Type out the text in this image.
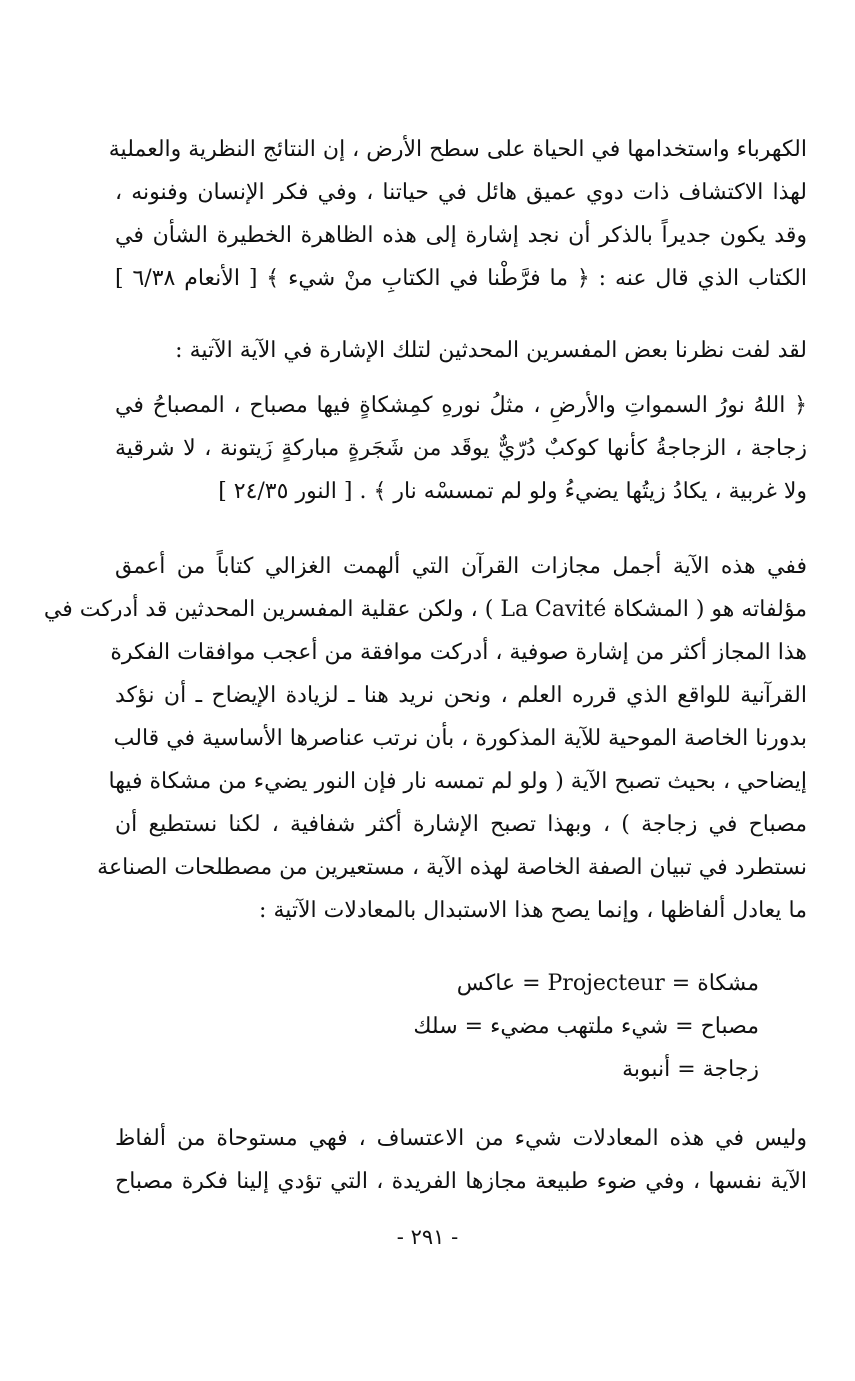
الكهرباء واستخدامها في الحياة على سطح الأرض ، إن النتائج النظرية والعملية
لهذا الاكتشاف ذات دوي عميق هائل في حياتنا ، وفي فكر الإنسان وفنونه ،
وقد يكون جديراً بالذكر أن نجد إشارة إلى هذه الظاهرة الخطيرة الشأن في
الكتاب الذي قال عنه : ﴿ ما فرَّطْنا في الكتابِ منْ شيء ﴾ [ الأنعام ٦/٣٨ ]
لقد لفت نظرنا بعض المفسرين المحدثين لتلك الإشارة في الآية الآتية :
﴿ اللهُ نورُ السمواتِ والأرضِ ، مثلُ نورهِ كمِشكاةٍ فيها مصباح ، المصباحُ في
زجاجة ، الزجاجةُ كأنها كوكبٌ دُرّيٌّ يوقَد من شَجَرةٍ مباركةٍ زَيتونة ، لا شرقية
ولا غربية ، يكادُ زيتُها يضيءُ ولو لم تمسسْه نار ﴾ . [ النور ٢٤/٣٥ ]
ففي هذه الآية أجمل مجازات القرآن التي ألهمت الغزالي كتاباً من أعمق
مؤلفاته هو ( المشكاة La Cavité ) ، ولكن عقلية المفسرين المحدثين قد أدركت في
هذا المجاز أكثر من إشارة صوفية ، أدركت موافقة من أعجب موافقات الفكرة
القرآنية للواقع الذي قرره العلم ، ونحن نريد هنا ـ لزيادة الإيضاح ـ أن نؤكد
بدورنا الخاصة الموحية للآية المذكورة ، بأن نرتب عناصرها الأساسية في قالب
إيضاحي ، بحيث تصبح الآية ( ولو لم تمسه نار فإن النور يضيء من مشكاة فيها
مصباح في زجاجة ) ، وبهذا تصبح الإشارة أكثر شفافية ، لكنا نستطيع أن
نستطرد في تبيان الصفة الخاصة لهذه الآية ، مستعيرين من مصطلحات الصناعة
ما يعادل ألفاظها ، وإنما يصح هذا الاستبدال بالمعادلات الآتية :
مشكاة = Projecteur = عاكس
مصباح = شيء ملتهب مضيء = سلك
زجاجة = أنبوبة
وليس في هذه المعادلات شيء من الاعتساف ، فهي مستوحاة من ألفاظ
الآية نفسها ، وفي ضوء طبيعة مجازها الفريدة ، التي تؤدي إلينا فكرة مصباح
- ٢٩١ -
